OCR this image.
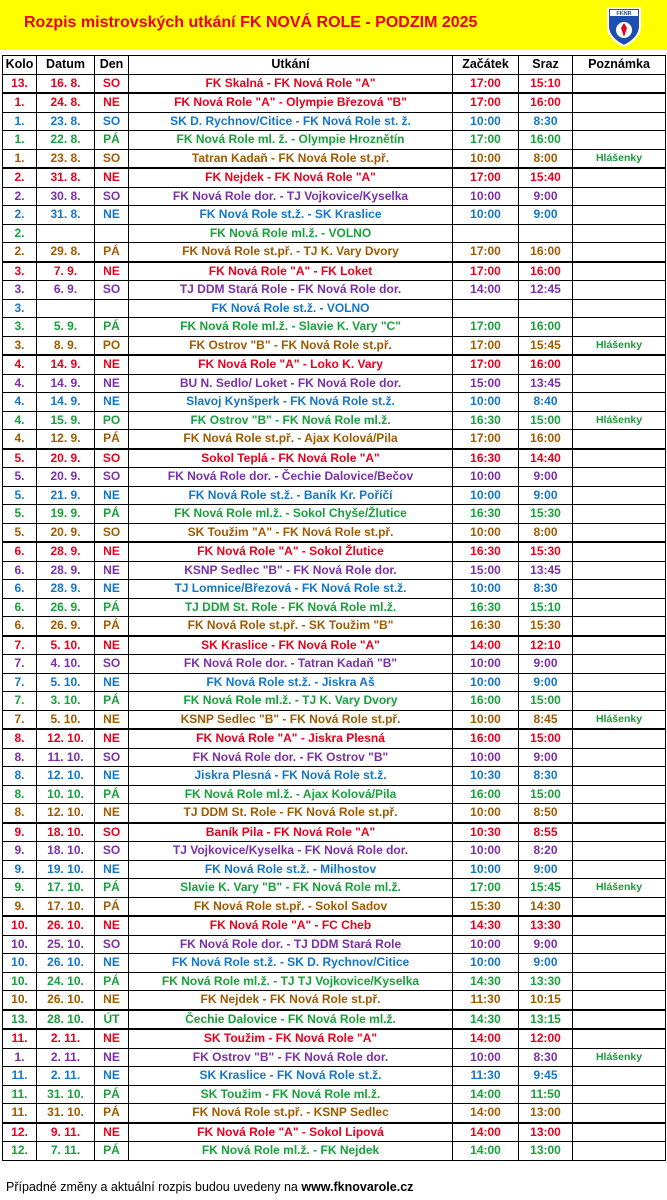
Rozpis mistrovských utkání FK NOVÁ ROLE - PODZIM 2025	FKNR
Kolo	Datum	Den	Utkání	Začátek	Sraz	Poznámka
13.	16. 8.	SO	FK Skalná - FK Nová Role "A"	17:00	15:10	
1.	24. 8.	NE	FK Nová Role "A" - Olympie Březová "B"	17:00	16:00	
1.	23. 8.	SO	SK D. Rychnov/Citice - FK Nová Role st. ž.	10:00	8:30	
1.	22. 8.	PÁ	FK Nová Role ml. ž. - Olympie Hroznětín	17:00	16:00	
1.	23. 8.	SO	Tatran Kadaň - FK Nová Role st.př.	10:00	8:00	Hlášenky
2.	31. 8.	NE	FK Nejdek - FK Nová Role "A"	17:00	15:40	
2.	30. 8.	SO	FK Nová Role dor. - TJ Vojkovice/Kyselka	10:00	9:00	
2.	31. 8.	NE	FK Nová Role st.ž. - SK Kraslice	10:00	9:00	
2.			FK Nová Role ml.ž. - VOLNO			
2.	29. 8.	PÁ	FK Nová Role st.př. - TJ K. Vary Dvory	17:00	16:00	
3.	7. 9.	NE	FK Nová Role "A" - FK Loket	17:00	16:00	
3.	6. 9.	SO	TJ DDM Stará Role - FK Nová Role dor.	14:00	12:45	
3.			FK Nová Role st.ž. - VOLNO			
3.	5. 9.	PÁ	FK Nová Role ml.ž. - Slavie K. Vary "C"	17:00	16:00	
3.	8. 9.	PO	FK Ostrov "B" - FK Nová Role st.př.	17:00	15:45	Hlášenky
4.	14. 9.	NE	FK Nová Role "A" - Loko K. Vary	17:00	16:00	
4.	14. 9.	NE	BU N. Sedlo/ Loket - FK Nová Role dor.	15:00	13:45	
4.	14. 9.	NE	Slavoj Kynšperk - FK Nová Role st.ž.	10:00	8:40	
4.	15. 9.	PO	FK Ostrov "B" - FK Nová Role ml.ž.	16:30	15:00	Hlášenky
4.	12. 9.	PÁ	FK Nová Role st.př. - Ajax Kolová/Pila	17:00	16:00	
5.	20. 9.	SO	Sokol Teplá - FK Nová Role "A"	16:30	14:40	
5.	20. 9.	SO	FK Nová Role dor. - Čechie Dalovice/Bečov	10:00	9:00	
5.	21. 9.	NE	FK Nová Role st.ž. - Baník Kr. Poříčí	10:00	9:00	
5.	19. 9.	PÁ	FK Nová Role ml.ž. - Sokol Chyše/Žlutice	16:30	15:30	
5.	20. 9.	SO	SK Toužim "A" - FK Nová Role st.př.	10:00	8:00	
6.	28. 9.	NE	FK Nová Role "A" - Sokol Žlutice	16:30	15:30	
6.	28. 9.	NE	KSNP Sedlec "B" - FK Nová Role dor.	15:00	13:45	
6.	28. 9.	NE	TJ Lomnice/Březová - FK Nová Role st.ž.	10:00	8:30	
6.	26. 9.	PÁ	TJ DDM St. Role - FK Nová Role ml.ž.	16:30	15:10	
6.	26. 9.	PÁ	FK Nová Role st.př. - SK Toužim "B"	16:30	15:30	
7.	5. 10.	NE	SK Kraslice - FK Nová Role "A"	14:00	12:10	
7.	4. 10.	SO	FK Nová Role dor. - Tatran Kadaň "B"	10:00	9:00	
7.	5. 10.	NE	FK Nová Role st.ž. - Jiskra Aš	10:00	9:00	
7.	3. 10.	PÁ	FK Nová Role ml.ž. - TJ K. Vary Dvory	16:00	15:00	
7.	5. 10.	NE	KSNP Sedlec "B" - FK Nová Role st.př.	10:00	8:45	Hlášenky
8.	12. 10.	NE	FK Nová Role "A" - Jiskra Plesná	16:00	15:00	
8.	11. 10.	SO	FK Nová Role dor. - FK Ostrov "B"	10:00	9:00	
8.	12. 10.	NE	Jiskra Plesná - FK Nová Role st.ž.	10:30	8:30	
8.	10. 10.	PÁ	FK Nová Role ml.ž. - Ajax Kolová/Pila	16:00	15:00	
8.	12. 10.	NE	TJ DDM St. Role - FK Nová Role st.př.	10:00	8:50	
9.	18. 10.	SO	Baník Pila - FK Nová Role "A"	10:30	8:55	
9.	18. 10.	SO	TJ Vojkovice/Kyselka - FK Nová Role dor.	10:00	8:20	
9.	19. 10.	NE	FK Nová Role st.ž. - Milhostov	10:00	9:00	
9.	17. 10.	PÁ	Slavie K. Vary "B" - FK Nová Role ml.ž.	17:00	15:45	Hlášenky
9.	17. 10.	PÁ	FK Nová Role st.př. - Sokol Sadov	15:30	14:30	
10.	26. 10.	NE	FK Nová Role "A" - FC Cheb	14:30	13:30	
10.	25. 10.	SO	FK Nová Role dor. - TJ DDM Stará Role	10:00	9:00	
10.	26. 10.	NE	FK Nová Role st.ž. - SK D. Rychnov/Citice	10:00	9:00	
10.	24. 10.	PÁ	FK Nová Role ml.ž. - TJ TJ Vojkovice/Kyselka	14:30	13:30	
10.	26. 10.	NE	FK Nejdek - FK Nová Role st.př.	11:30	10:15	
13.	28. 10.	ÚT	Čechie Dalovice - FK Nová Role ml.ž.	14:30	13:15	
11.	2. 11.	NE	SK Toužim - FK Nová Role "A"	14:00	12:00	
1.	2. 11.	NE	FK Ostrov "B" - FK Nová Role dor.	10:00	8:30	Hlášenky
11.	2. 11.	NE	SK Kraslice - FK Nová Role st.ž.	11:30	9:45	
11.	31. 10.	PÁ	SK Toužim - FK Nová Role ml.ž.	14:00	11:50	
11.	31. 10.	PÁ	FK Nová Role st.př. - KSNP Sedlec	14:00	13:00	
12.	9. 11.	NE	FK Nová Role "A" - Sokol Lipová	14:00	13:00	
12.	7. 11.	PÁ	FK Nová Role ml.ž. - FK Nejdek	14:00	13:00	
Případné změny a aktuální rozpis budou uvedeny na www.fknovarole.cz
